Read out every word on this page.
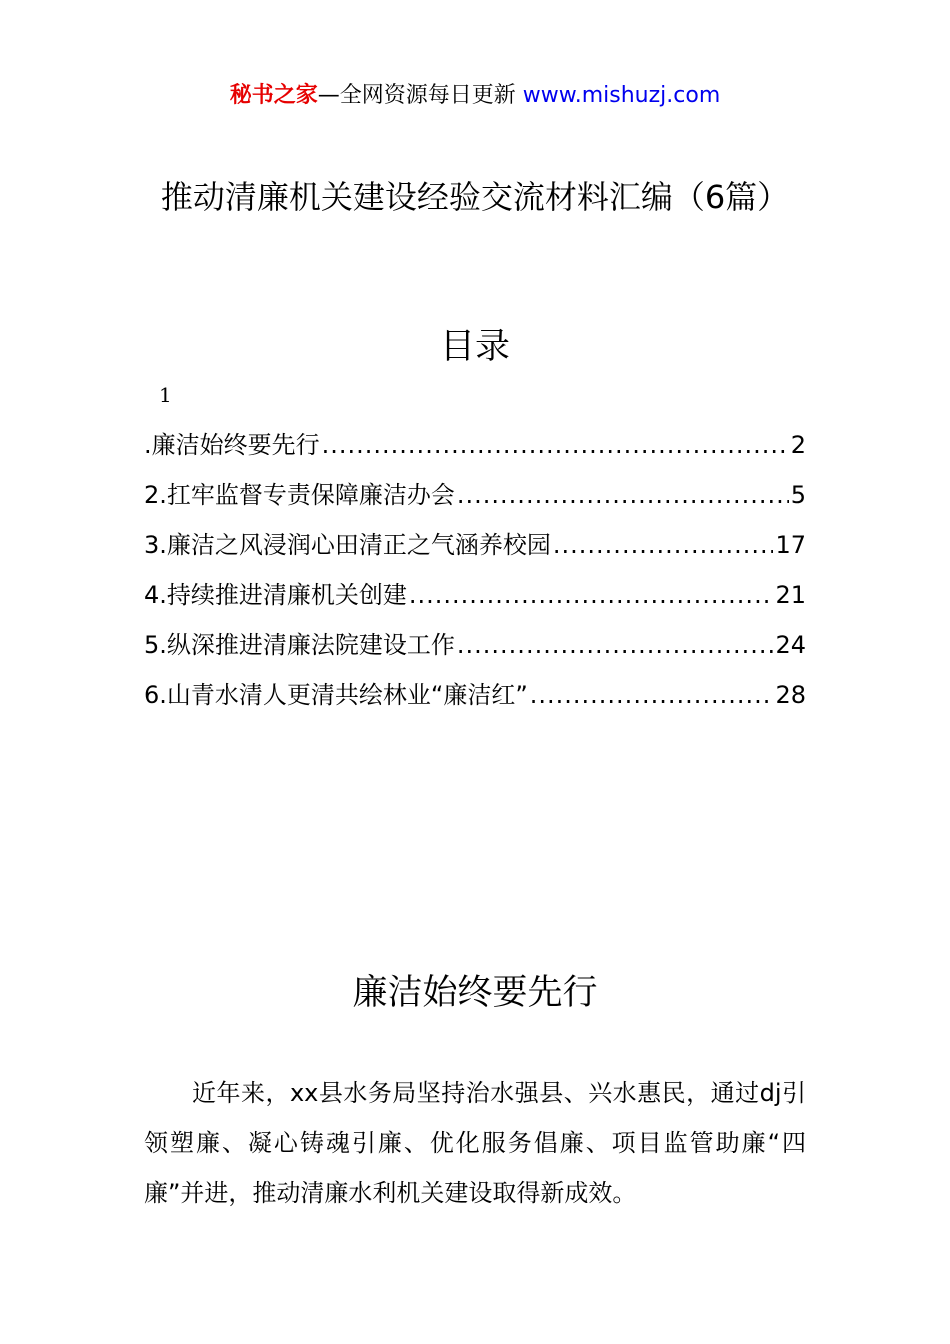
秘书之家—全网资源每日更新 www.mishuzj.com
推动清廉机关建设经验交流材料汇编（6篇）
目录
1
.廉洁始终要先行 .....	2
2.扛牢监督专责保障廉洁办会 .....	5
3.廉洁之风浸润心田清正之气涵养校园 .....	17
4.持续推进清廉机关创建 .....	21
5.纵深推进清廉法院建设工作 .....	24
6.山青水清人更清共绘林业“廉洁红” .....	28
廉洁始终要先行

近年来，xx县水务局坚持治水强县、兴水惠民，通过dj引领塑廉、凝心铸魂引廉、优化服务倡廉、项目监管助廉“四廉”并进，推动清廉水利机关建设取得新成效。
